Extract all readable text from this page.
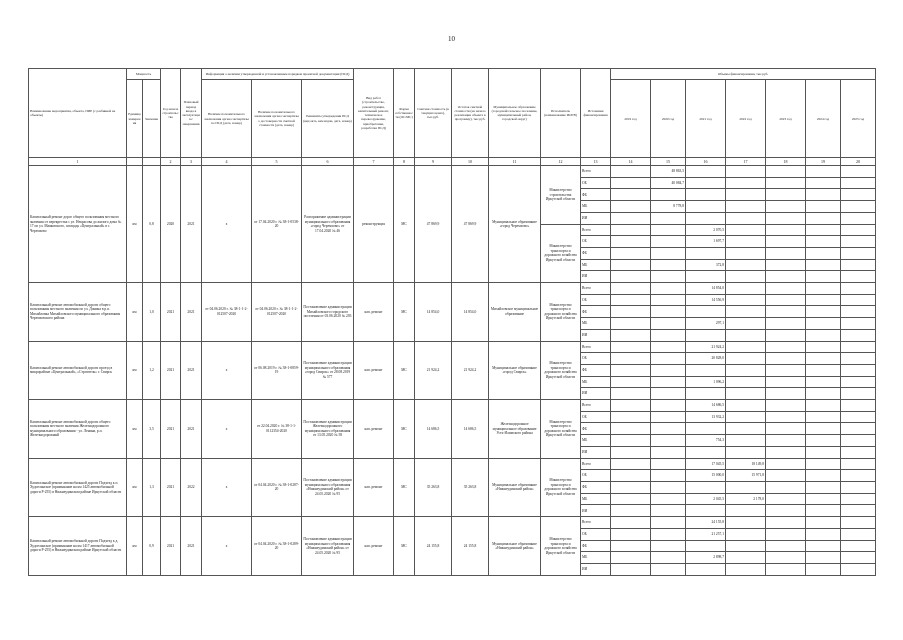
10
Наименование мероприятия, объекта, ПИР (с разбивкой на объекты)	Мощность		Год начала строительства	Плановый период ввода в эксплуатацию/завершения	Информация о наличии утвержденной и установленным порядком проектной документации (ПСД)			Вид работ (строительство, реконструкция, капитальный ремонт, техническое перевооружение, приобретение, разработка ПСД)	Форма собственности (ОС/МС)	Сметная стоимость (в текущих ценах), тыс.руб.	Остаток сметной стоимости (на начало реализации объекта в программу), тыс.руб.	Муниципальное образование (городской/сельское поселение, муниципальный район, городской округ)	Исполнитель (наименование ИОГВ)	Источники финансирования	Объемы финансирования, тыс.руб.						
	Единица измерения	Значение			Наличие положительного заключения органа экспертизы по ПСД (дата, номер)	Наличие положительного заключения органа экспертизы о достоверности сметной стоимости (дата, номер)	Реквизиты утверждения ПСД (вид акта, кем издан, дата, номер)								2019 год	2020 год	2021 год	2022 год	2023 год	2024 год	2025 год
1			2	3	4	5	6	7	8	9	10	11	12	13	14	15	16	17	18	19	20
Капитальный ремонт дорог общего пользования местного значения от перекрестка с ул. Некрасова до жилого дома № 17 по ул. Маяковского, площадь «Центральный» в г. Черемхово	км	0,8	2020	2021	х	от 17.04.2020 г. № 38-1-0538-20	Распоряжение администрации муниципального образования «город Черемхово» от 17.04.2020 № 46	реконструкция	МС	47 869,9	47 869,9	Муниципальное образование «город Черемхово»	Министерство строительства Иркутской области	Всего		48 863,5					
														ОБ		40 084,7					
														ФБ							
														МБ		8 778,8					
														ИИ							
													Министерство транспорта и дорожного хозяйства Иркутской области	Всего			2 070,5				
														ОБ			1 697,7				
														ФБ							
														МБ			372,8				
														ИИ							
Капитальный ремонт автомобильной дороги общего пользования местного значения по ул. Донина в р.п. Михайловка Михайловского муниципального образования Черемховского района	км	1,0	2021	2021	от 04.06.2020 г. № 38-1-1-2-012507-2020	от 04.06.2020 г. № 38-1-1-2-012507-2020	Постановление администрации Михайловского городского поселения от 03.06.2020 № 203	кап. ремонт	МС	14 854,0	14 854,0	Михайловское муниципальное образование	Министерство транспорта и дорожного хозяйства Иркутской области	Всего			14 854,0				
														ОБ			14 556,9				
														ФБ							
														МБ			297,1				
														ИИ							
Капитальный ремонт автомобильной дороги проезд в микрорайоне «Центральный», «Строитель» г. Свирск	км	1,2	2021	2021	х	от 06.08.2019 г. № 38-1-0859-19	Постановление администрации муниципального образования «город Свирск» от 28.08.2019 № 577	кап. ремонт	МС	21 924,2	21 924,2	Муниципальное образование «город Свирск»	Министерство транспорта и дорожного хозяйства Иркутской области	Всего			21 924,2				
														ОБ			20 828,0				
														ФБ							
														МБ			1 096,2				
														ИИ							
Капитальный ремонт автомобильной дороги общего пользования местного значения Железнодорожного муниципального образования - ул. Ленина, р.п. Железнодорожный	км	3,5	2021	2021	х	от 22.04.2020 г. № 38-1-1-0112354-2020	Постановление администрации Железнодорожного муниципального образования от 13.05.2020 № 58	кап. ремонт	МС	14 686,5	14 686,5	Железнодорожное муниципальное образование Усть-Илимского района	Министерство транспорта и дорожного хозяйства Иркутской области	Всего			14 686,5				
														ОБ			13 932,2				
														ФБ							
														МБ			754,3				
														ИИ							
Капитальный ремонт автомобильной дороги Подъезд к п. Худоеланское (примыкание на км 1425 автомобильной дороги Р-255) в Нижнеудинском районе Иркутской области	км	1,3	2021	2022	х	от 04.04.2020 г. № 38-1-0287-20	Постановление администрации муниципального образования «Нижнеудинский район» от 24.05.2020 № 95	кап. ремонт	МС	35 263,8	35 263,8	Муниципальное образование «Нижнеудинский район»	Министерство транспорта и дорожного хозяйства Иркутской области	Всего			17 045,5	18 149,8			
														ОБ			15 000,0	15 971,8			
														ФБ							
														МБ			2 045,5	2 178,0			
														ИИ							
Капитальный ремонт автомобильной дороги Подъезд к д. Худоеланское (примыкание на км 1417 автомобильной дороги Р-255) в Нижнеудинском районе Иркутской области	км	0,9	2021	2021	х	от 04.04.2020 г. № 38-1-0289-20	Постановление администрации муниципального образования «Нижнеудинский район» от 24.05.2020 № 95	кап. ремонт	МС	24 155,8	24 155,8	Муниципальное образование «Нижнеудинский район»	Министерство транспорта и дорожного хозяйства Иркутской области	Всего			24 155,8				
														ОБ			21 257,1				
														ФБ							
														МБ			2 898,7				
														ИИ							
